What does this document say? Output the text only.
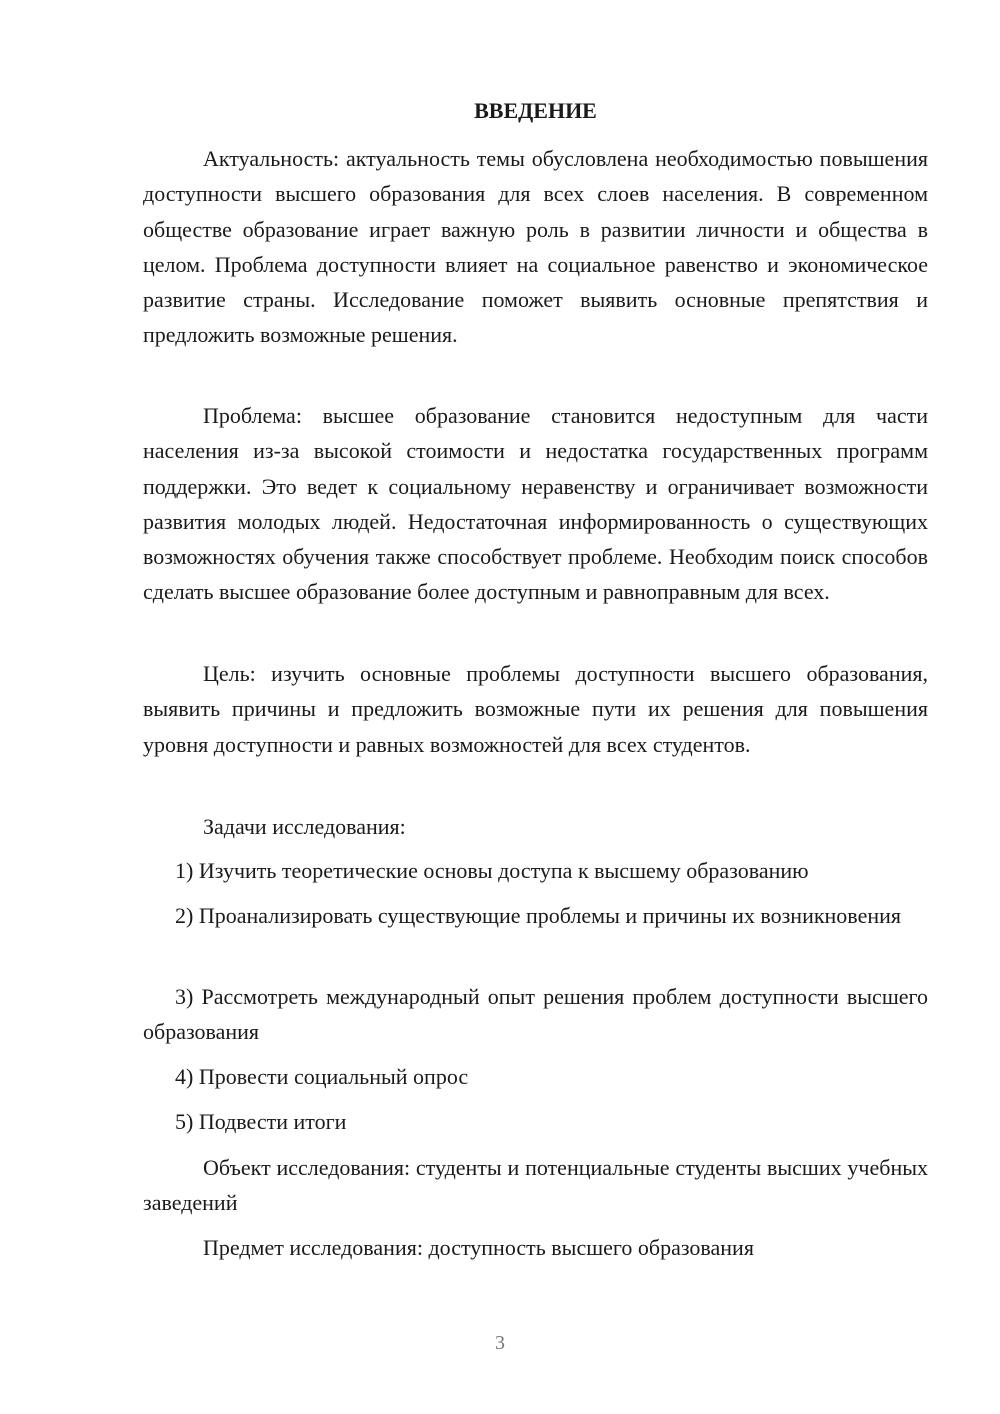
ВВЕДЕНИЕ

Актуальность: актуальность темы обусловлена необходимостью повышения доступности высшего образования для всех слоев населения. В современном обществе образование играет важную роль в развитии личности и общества в целом. Проблема доступности влияет на социальное равенство и экономическое развитие страны. Исследование поможет выявить основные препятствия и предложить возможные решения.

Проблема: высшее образование становится недоступным для части населения из-за высокой стоимости и недостатка государственных программ поддержки. Это ведет к социальному неравенству и ограничивает возможности развития молодых людей. Недостаточная информированность о существующих возможностях обучения также способствует проблеме. Необходим поиск способов сделать высшее образование более доступным и равноправным для всех.

Цель: изучить основные проблемы доступности высшего образования, выявить причины и предложить возможные пути их решения для повышения уровня доступности и равных возможностей для всех студентов.

Задачи исследования:

1) Изучить теоретические основы доступа к высшему образованию

2) Проанализировать существующие проблемы и причины их возникновения

3) Рассмотреть международный опыт решения проблем доступности высшего образования

4) Провести социальный опрос

5) Подвести итоги

Объект исследования: студенты и потенциальные студенты высших учебных заведений

Предмет исследования: доступность высшего образования

3
